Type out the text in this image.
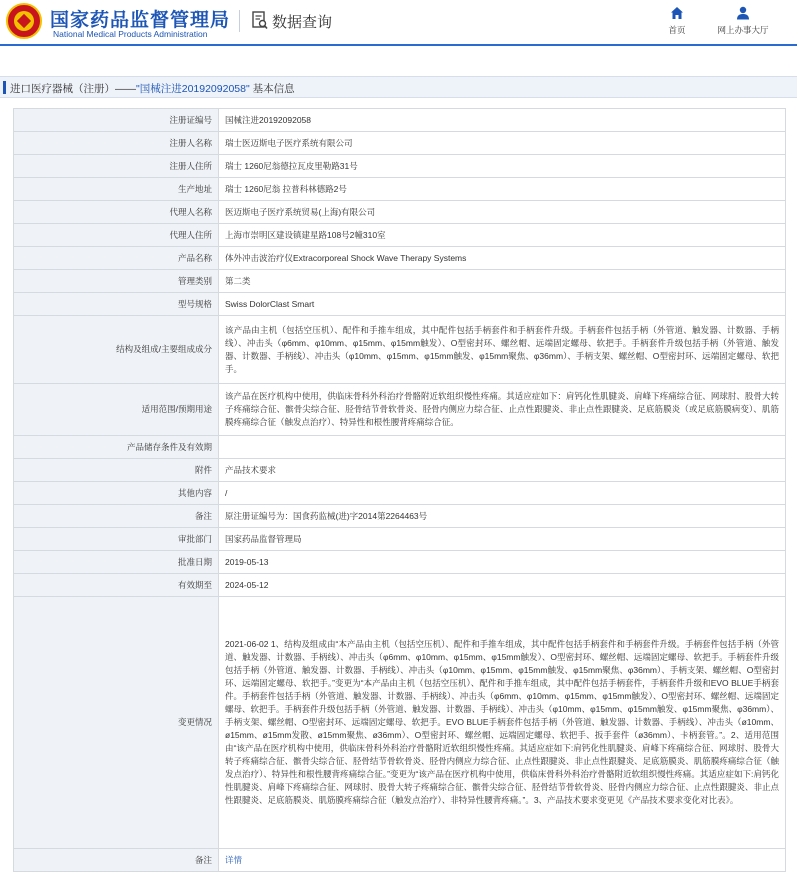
国家药品监督管理局
National Medical Products Administration
数据查询	首页	网上办事大厅
进口医疗器械（注册）——"国械注进20192092058" 基本信息
注册证编号	国械注进20192092058
注册人名称	瑞士医迈斯电子医疗系统有限公司
注册人住所	瑞士 1260尼翁德拉瓦皮里勒路31号
生产地址	瑞士 1260尼翁 拉普科林德路2号
代理人名称	医迈斯电子医疗系统贸易(上海)有限公司
代理人住所	上海市崇明区建设镇建星路108号2幢310室
产品名称	体外冲击波治疗仪Extracorporeal Shock Wave Therapy Systems
管理类别	第二类
型号规格	Swiss DolorClast Smart
结构及组成/主要组成成分	该产品由主机（包括空压机）、配件和手推车组成，其中配件包括手柄套件和手柄套件升级。手柄套件包括手柄（外管道、触发器、计数器、手柄线）、冲击头（φ6mm、φ10mm、φ15mm、φ15mm触发）、O型密封环、螺丝帽、远端固定螺母、软把手。手柄套件升级包括手柄（外管道、触发器、计数器、手柄线）、冲击头（φ10mm、φ15mm、φ15mm触发、φ15mm聚焦、φ36mm）、手柄支架、螺丝帽、O型密封环、远端固定螺母、软把手。
适用范围/预期用途	该产品在医疗机构中使用，供临床骨科外科治疗骨骼附近软组织慢性疼痛。其适应症如下：肩钙化性肌腱炎、肩峰下疼痛综合征、网球肘、股骨大转子疼痛综合征、髌骨尖综合征、胫骨结节骨软骨炎、胫骨内侧应力综合征、止点性跟腱炎、非止点性跟腱炎、足底筋膜炎（或足底筋膜病变）、肌筋膜疼痛综合征（触发点治疗）、特异性和根性腰背疼痛综合征。
产品储存条件及有效期	
附件	产品技术要求
其他内容	/
备注	原注册证编号为：国食药监械(进)字2014第2264463号
审批部门	国家药品监督管理局
批准日期	2019-05-13
有效期至	2024-05-12
变更情况	2021-06-02 1、结构及组成由“本产品由主机（包括空压机）、配件和手推车组成，其中配件包括手柄套件和手柄套件升级。手柄套件包括手柄（外管道、触发器、计数器、手柄线）、冲击头（φ6mm、φ10mm、φ15mm、φ15mm触发）、O型密封环、螺丝帽、远端固定螺母、软把手。手柄套件升级包括手柄（外管道、触发器、计数器、手柄线）、冲击头（φ10mm、φ15mm、φ15mm触发、φ15mm聚焦、φ36mm）、手柄支架、螺丝帽、O型密封环、远端固定螺母、软把手。”变更为“本产品由主机（包括空压机）、配件和手推车组成，其中配件包括手柄套件，手柄套件升级和EVO BLUE手柄套件。手柄套件包括手柄（外管道、触发器、计数器、手柄线）、冲击头（φ6mm、φ10mm、φ15mm、φ15mm触发）、O型密封环、螺丝帽、远端固定螺母、软把手。手柄套件升级包括手柄（外管道、触发器、计数器、手柄线）、冲击头（φ10mm、φ15mm、φ15mm触发、φ15mm聚焦、φ36mm）、手柄支架、螺丝帽、O型密封环、远端固定螺母、软把手。EVO BLUE手柄套件包括手柄（外管道、触发器、计数器、手柄线）、冲击头（ø10mm、ø15mm、ø15mm发散、ø15mm聚焦、ø36mm）、O型密封环、螺丝帽、远端固定螺母、软把手、扳手套件（ø36mm）、卡柄套管。”。2、适用范围由“该产品在医疗机构中使用，供临床骨科外科治疗骨骼附近软组织慢性疼痛。其适应症如下:肩钙化性肌腱炎、肩峰下疼痛综合征、网球肘、股骨大转子疼痛综合征、髌骨尖综合征、胫骨结节骨软骨炎、胫骨内侧应力综合征、止点性跟腱炎、非止点性跟腱炎、足底筋膜炎、肌筋膜疼痛综合征（触发点治疗）、特异性和根性腰背疼痛综合征。”变更为“该产品在医疗机构中使用，供临床骨科外科治疗骨骼附近软组织慢性疼痛。其适应症如下:肩钙化性肌腱炎、肩峰下疼痛综合征、网球肘、股骨大转子疼痛综合征、髌骨尖综合征、胫骨结节骨软骨炎、胫骨内侧应力综合征、止点性跟腱炎、非止点性跟腱炎、足底筋膜炎、肌筋膜疼痛综合征（触发点治疗）、非特异性腰背疼痛。”。3、产品技术要求变更见《产品技术要求变化对比表》。
备注	详情
